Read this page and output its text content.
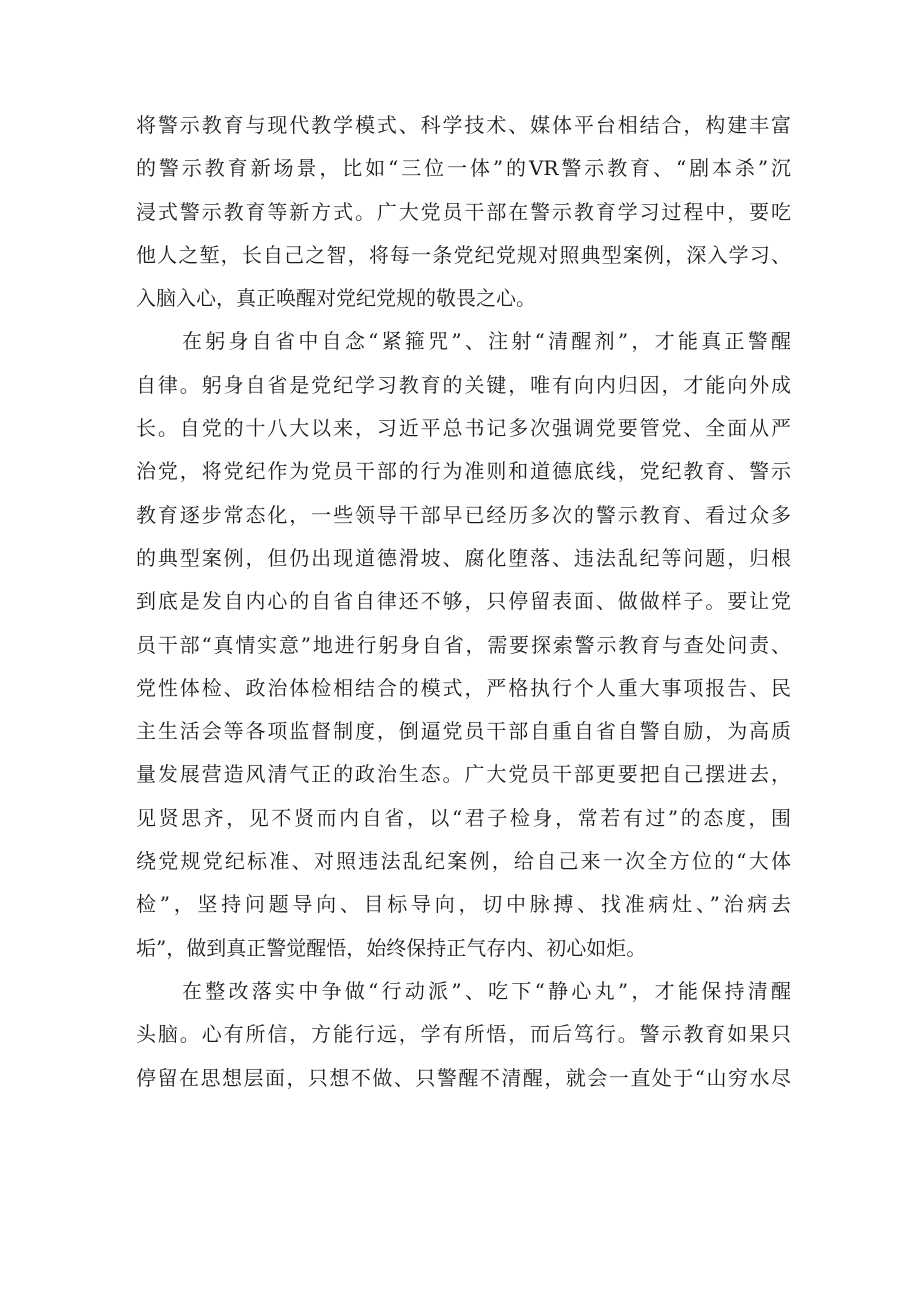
将警示教育与现代教学模式、科学技术、媒体平台相结合，构建丰富
的警示教育新场景，比如“三位一体”的VR警示教育、“剧本杀”沉
浸式警示教育等新方式。广大党员干部在警示教育学习过程中，要吃
他人之堑，长自己之智，将每一条党纪党规对照典型案例，深入学习、
入脑入心，真正唤醒对党纪党规的敬畏之心。
在躬身自省中自念“紧箍咒”、注射“清醒剂”，才能真正警醒
自律。躬身自省是党纪学习教育的关键，唯有向内归因，才能向外成
长。自党的十八大以来，习近平总书记多次强调党要管党、全面从严
治党，将党纪作为党员干部的行为准则和道德底线，党纪教育、警示
教育逐步常态化，一些领导干部早已经历多次的警示教育、看过众多
的典型案例，但仍出现道德滑坡、腐化堕落、违法乱纪等问题，归根
到底是发自内心的自省自律还不够，只停留表面、做做样子。要让党
员干部“真情实意”地进行躬身自省，需要探索警示教育与查处问责、
党性体检、政治体检相结合的模式，严格执行个人重大事项报告、民
主生活会等各项监督制度，倒逼党员干部自重自省自警自励，为高质
量发展营造风清气正的政治生态。广大党员干部更要把自己摆进去，
见贤思齐，见不贤而内自省，以“君子检身，常若有过”的态度，围
绕党规党纪标准、对照违法乱纪案例，给自己来一次全方位的“大体
检”，坚持问题导向、目标导向，切中脉搏、找准病灶、”治病去
垢”，做到真正警觉醒悟，始终保持正气存内、初心如炬。
在整改落实中争做“行动派”、吃下“静心丸”，才能保持清醒
头脑。心有所信，方能行远，学有所悟，而后笃行。警示教育如果只
停留在思想层面，只想不做、只警醒不清醒，就会一直处于“山穷水尽
